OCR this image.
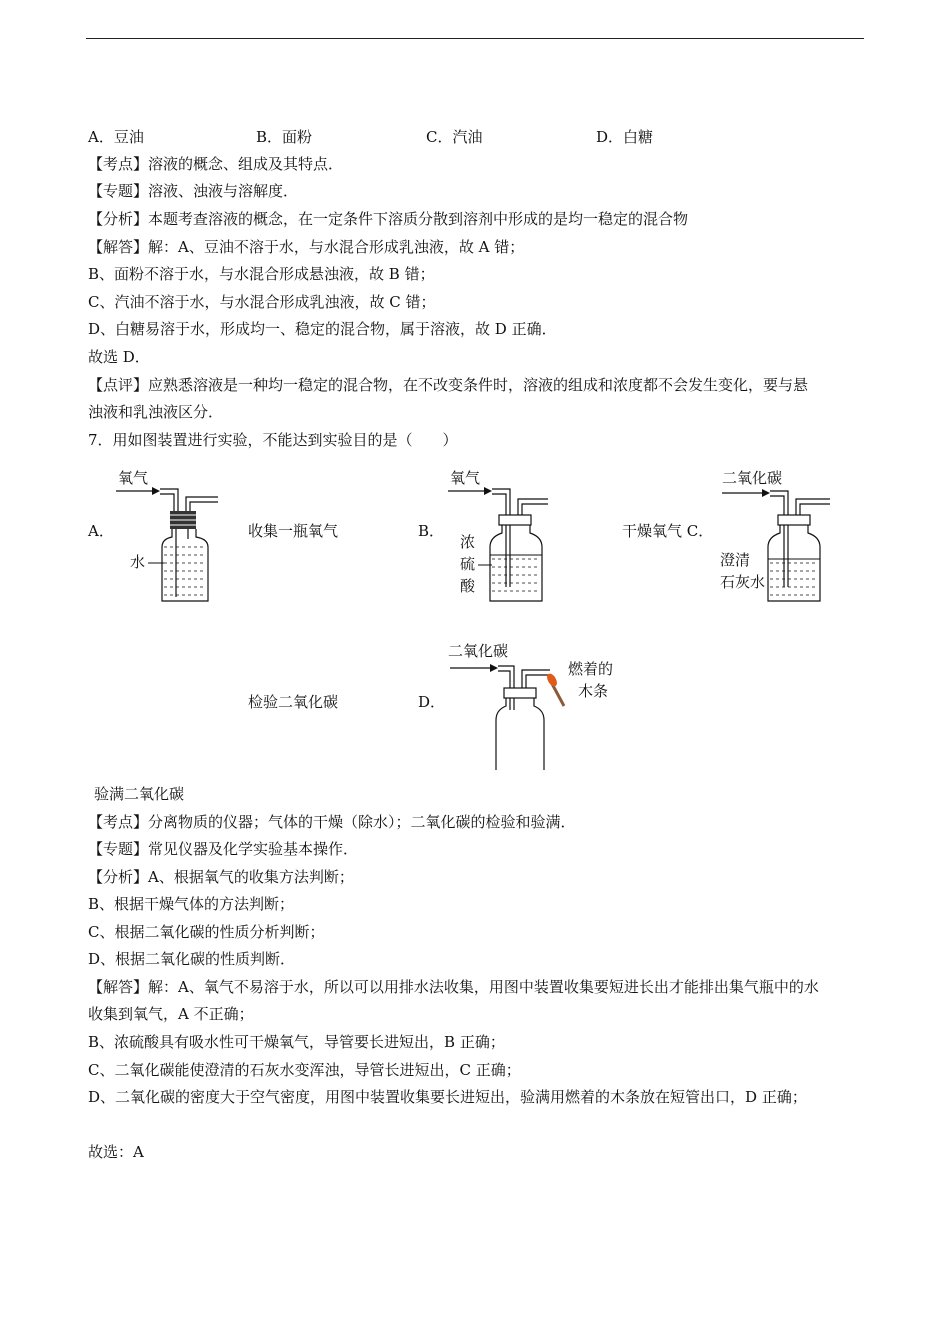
A．豆油	B．面粉	C．汽油	D．白糖
【考点】溶液的概念、组成及其特点．
【专题】溶液、浊液与溶解度．
【分析】本题考查溶液的概念，在一定条件下溶质分散到溶剂中形成的是均一稳定的混合物
【解答】解：A、豆油不溶于水，与水混合形成乳浊液，故 A 错；
B、面粉不溶于水，与水混合形成悬浊液，故 B 错；
C、汽油不溶于水，与水混合形成乳浊液，故 C 错；
D、白糖易溶于水，形成均一、稳定的混合物，属于溶液，故 D 正确．
故选 D．
【点评】应熟悉溶液是一种均一稳定的混合物，在不改变条件时，溶液的组成和浓度都不会发生变化，要与悬
浊液和乳浊液区分．
7．用如图装置进行实验，不能达到实验目的是（　　）
A．
氧气
水
收集一瓶氧气	B．
氧气
浓
硫
酸
干燥氧气 C．
二氧化碳
澄清
石灰水
检验二氧化碳	D．
二氧化碳
燃着的
木条
验满二氧化碳
【考点】分离物质的仪器；气体的干燥（除水）；二氧化碳的检验和验满．
【专题】常见仪器及化学实验基本操作．
【分析】A、根据氧气的收集方法判断；
B、根据干燥气体的方法判断；
C、根据二氧化碳的性质分析判断；
D、根据二氧化碳的性质判断．
【解答】解：A、氧气不易溶于水，所以可以用排水法收集，用图中装置收集要短进长出才能排出集气瓶中的水
收集到氧气，A 不正确；
B、浓硫酸具有吸水性可干燥氧气，导管要长进短出，B 正确；
C、二氧化碳能使澄清的石灰水变浑浊，导管长进短出，C 正确；
D、二氧化碳的密度大于空气密度，用图中装置收集要长进短出，验满用燃着的木条放在短管出口，D 正确；
故选：A
